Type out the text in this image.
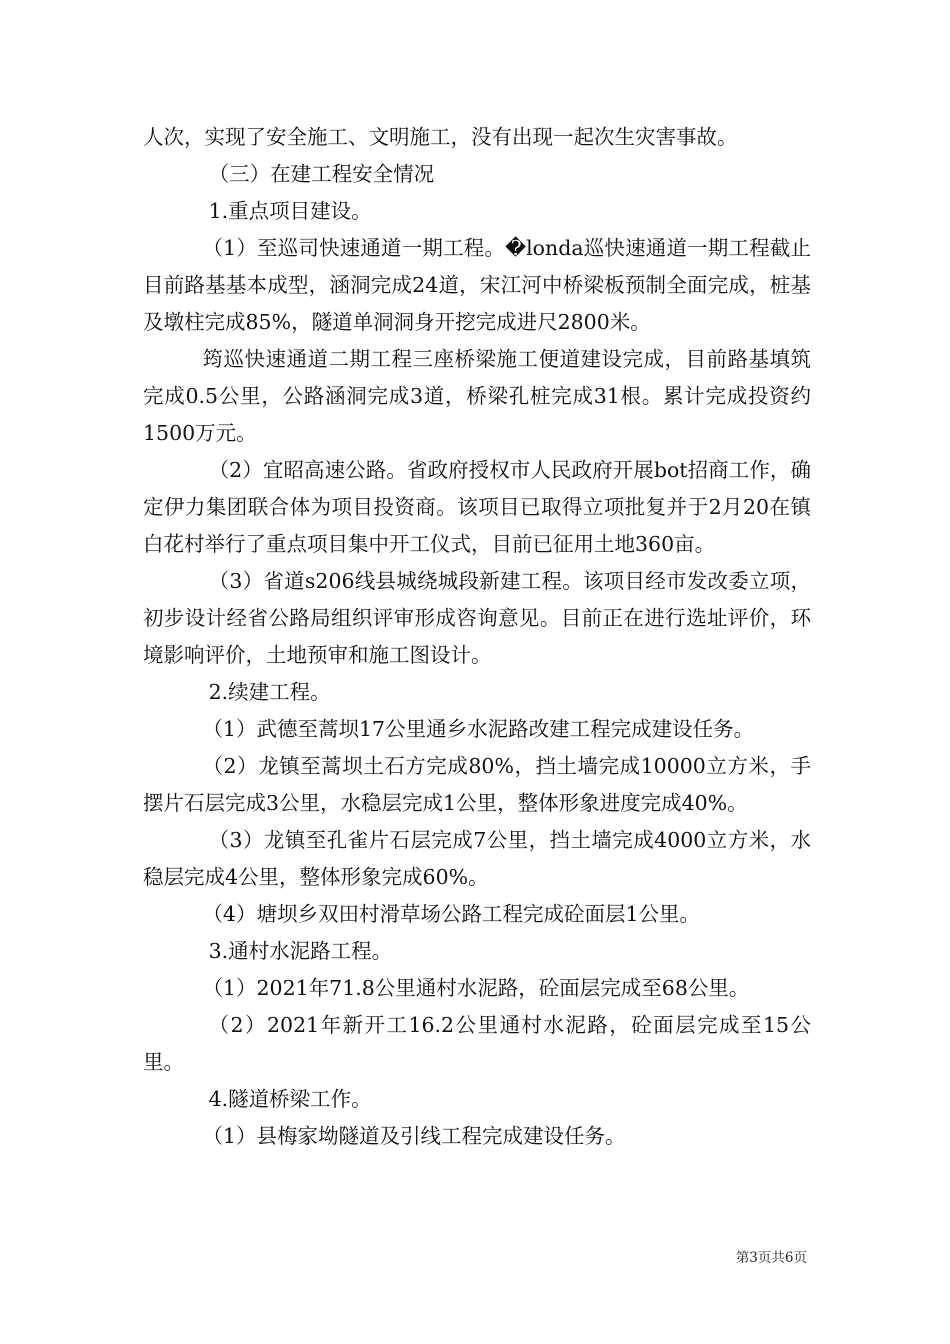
人次，实现了安全施工、文明施工，没有出现一起次生灾害事故。

（三）在建工程安全情况

1.重点项目建设。

（1）至巡司快速通道一期工程。�londa巡快速通道一期工程截止目前路基基本成型，涵洞完成24道，宋江河中桥梁板预制全面完成，桩基及墩柱完成85%，隧道单洞洞身开挖完成进尺2800米。

筠巡快速通道二期工程三座桥梁施工便道建设完成，目前路基填筑完成0.5公里，公路涵洞完成3道，桥梁孔桩完成31根。累计完成投资约1500万元。

（2）宜昭高速公路。省政府授权市人民政府开展bot招商工作，确定伊力集团联合体为项目投资商。该项目已取得立项批复并于2月20在镇白花村举行了重点项目集中开工仪式，目前已征用土地360亩。

（3）省道s206线县城绕城段新建工程。该项目经市发改委立项，初步设计经省公路局组织评审形成咨询意见。目前正在进行选址评价，环境影响评价，土地预审和施工图设计。

2.续建工程。

（1）武德至蒿坝17公里通乡水泥路改建工程完成建设任务。

（2）龙镇至蒿坝土石方完成80%，挡土墙完成10000立方米，手摆片石层完成3公里，水稳层完成1公里，整体形象进度完成40%。

（3）龙镇至孔雀片石层完成7公里，挡土墙完成4000立方米，水稳层完成4公里，整体形象完成60%。

（4）塘坝乡双田村滑草场公路工程完成砼面层1公里。

3.通村水泥路工程。

（1）2021年71.8公里通村水泥路，砼面层完成至68公里。

（2）2021年新开工16.2公里通村水泥路，砼面层完成至15公里。

4.隧道桥梁工作。

（1）县梅家坳隧道及引线工程完成建设任务。

第3页共6页
